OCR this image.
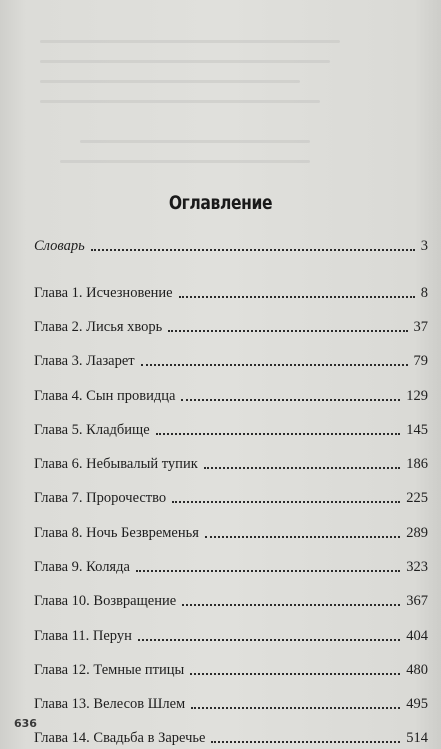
Оглавление
Словарь	3
Глава 1. Исчезновение	8
Глава 2. Лисья хворь	37
Глава 3. Лазарет	79
Глава 4. Сын провидца	129
Глава 5. Кладбище	145
Глава 6. Небывалый тупик	186
Глава 7. Пророчество	225
Глава 8. Ночь Безвременья	289
Глава 9. Коляда	323
Глава 10. Возвращение	367
Глава 11. Перун	404
Глава 12. Темные птицы	480
Глава 13. Велесов Шлем	495
Глава 14. Свадьба в Заречье	514
636
